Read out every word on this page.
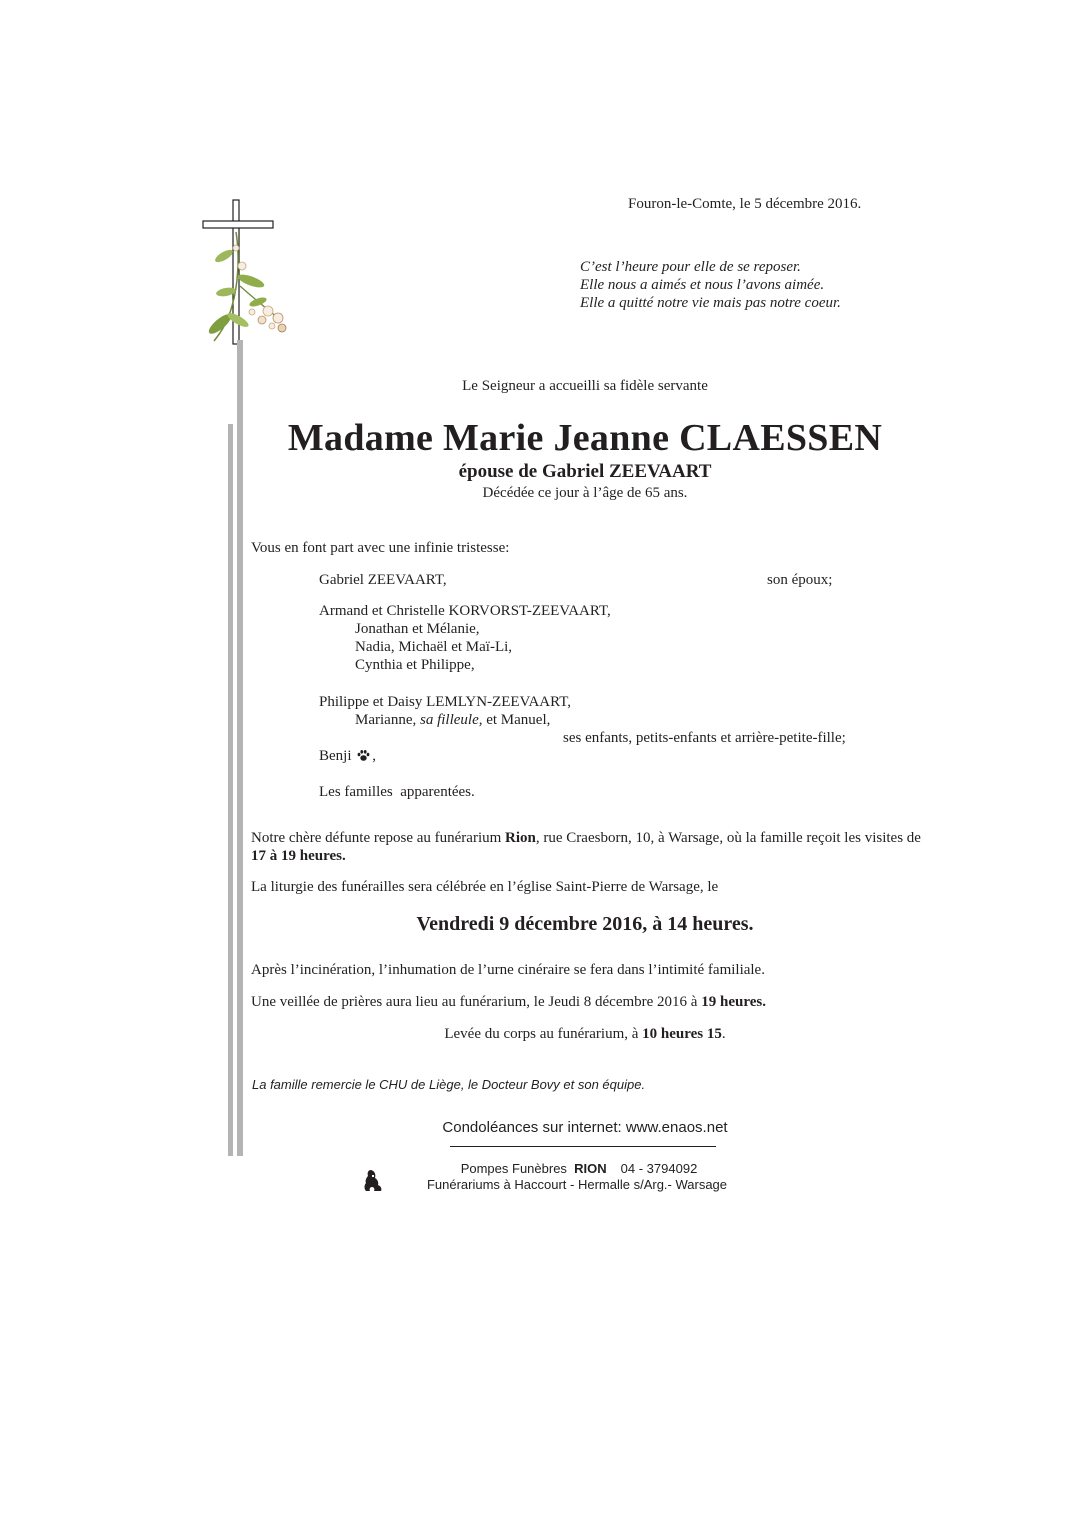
Fouron-le-Comte, le 5 décembre 2016.
C’est l’heure pour elle de se reposer.
Elle nous a aimés et nous l’avons aimée.
Elle a quitté notre vie mais pas notre coeur.
Le Seigneur a accueilli sa fidèle servante
Madame Marie Jeanne CLAESSEN
épouse de Gabriel ZEEVAART
Décédée ce jour à l’âge de 65 ans.
Vous en font part avec une infinie tristesse:
Gabriel ZEEVAART,	son époux;
Armand et Christelle KORVORST-ZEEVAART,
Jonathan et Mélanie,
Nadia, Michaël et Maï-Li,
Cynthia et Philippe,
Philippe et Daisy LEMLYN-ZEEVAART,
Marianne, sa filleule, et Manuel,
ses enfants, petits-enfants et arrière-petite-fille;
Benji ,
Les familles  apparentées.
Notre chère défunte repose au funérarium Rion, rue Craesborn, 10, à Warsage, où la famille reçoit les visites de 17 à 19 heures.
La liturgie des funérailles sera célébrée en l’église Saint-Pierre de Warsage, le
Vendredi 9 décembre 2016, à 14 heures.
Après l’incinération, l’inhumation de l’urne cinéraire se fera dans l’intimité familiale.
Une veillée de prières aura lieu au funérarium, le Jeudi 8 décembre 2016 à 19 heures.
Levée du corps au funérarium, à 10 heures 15.
La famille remercie le CHU de Liège, le Docteur Bovy et son équipe.
Condoléances sur internet: www.enaos.net
Pompes Funèbres RION 04 - 3794092
Funérariums à Haccourt - Hermalle s/Arg.- Warsage
